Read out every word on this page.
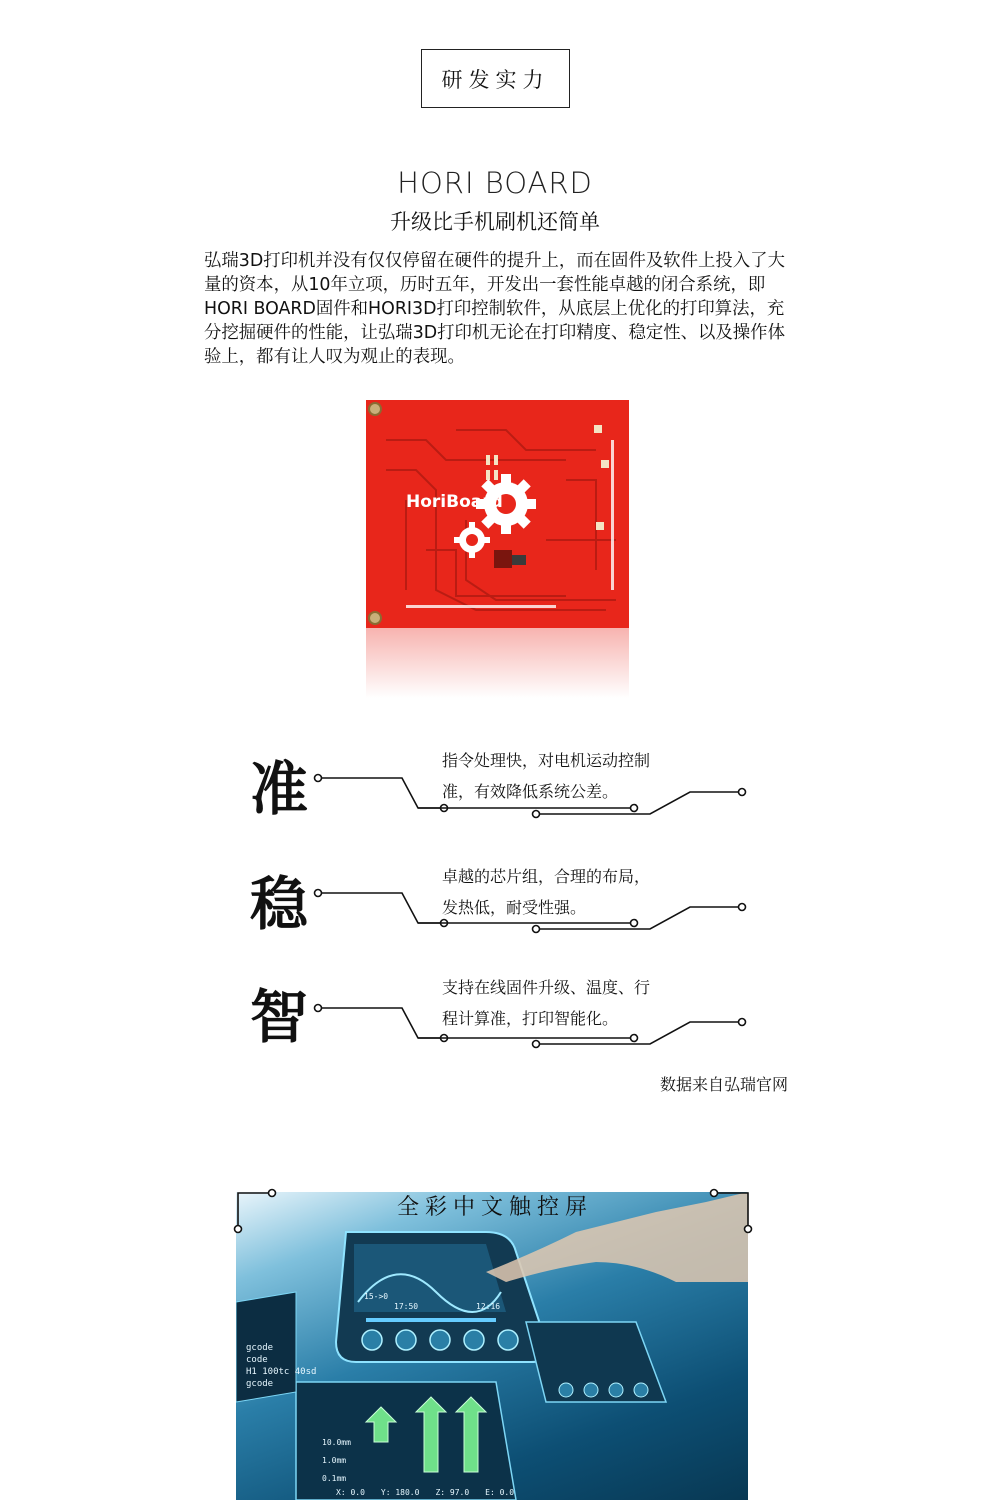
研发实力
HORI BOARD
升级比手机刷机还简单
弘瑞3D打印机并没有仅仅停留在硬件的提升上，而在固件及软件上投入了大量的资本，从10年立项，历时五年，开发出一套性能卓越的闭合系统，即HORI BOARD固件和HORI3D打印控制软件，从底层上优化的打印算法，充分挖掘硬件的性能，让弘瑞3D打印机无论在打印精度、稳定性、以及操作体验上，都有让人叹为观止的表现。
HoriBoard
准	指令处理快，对电机运动控制
准，有效降低系统公差。
稳	卓越的芯片组，合理的布局，
发热低，耐受性强。
智	支持在线固件升级、温度、行
程计算准，打印智能化。
数据来自弘瑞官网
gcode
code
H1 100tc 40sd
gcode
15->0
17:50	12:16
10.0mm
1.0mm
0.1mm
X: 0.0 Y: 180.0 Z: 97.0 E: 0.0
全彩中文触控屏
